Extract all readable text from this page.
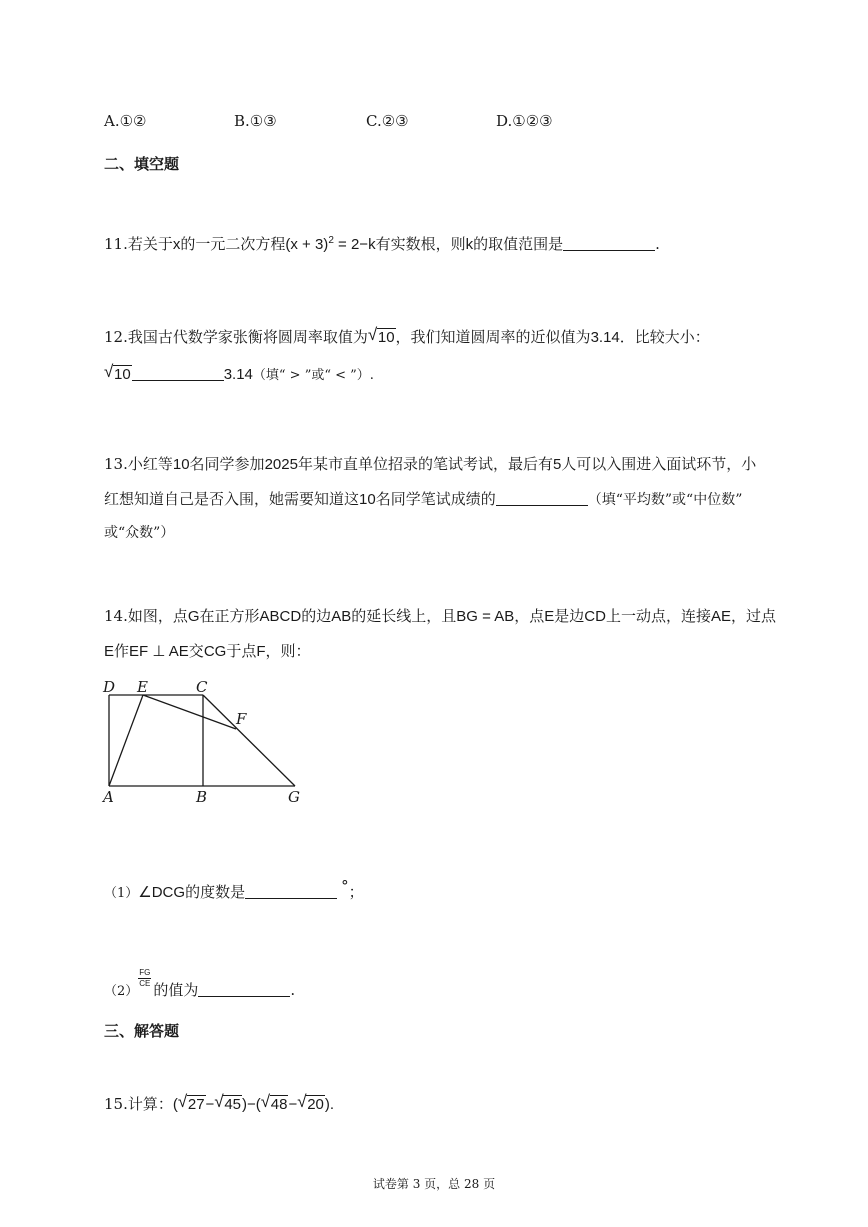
A.①②	B.①③	C.②③	D.①②③
二、填空题
11.若关于x的一元二次方程$(x + 3)^2 = 2-k$有实数根，则k的取值范围是	.
12.我国古代数学家张衡将圆周率取值为 √ 10，我们知道圆周率的近似值为3.14．比较大小：
√ 10	3.14（填“ > ”或“ < ”）.
13.小红等10名同学参加2025年某市直单位招录的笔试考试，最后有5人可以入围进入面试环节，小
红想知道自己是否入围，她需要知道这10名同学笔试成绩的	（填“平均数”或“中位数”
或“众数”）
14.如图，点G在正方形ABCD的边AB的延长线上，且BG = AB，点E是边CD上一动点，连接AE，过点
E作EF ⊥ AE交CG于点F，则：
D E	C
F
A	B	G
（1）∠DCG的度数是	°；
（2）
$\frac{FG}{CE}$
的值为	.
三、解答题
15.计算：( √ 27− √ 45)−( √ 48− √ 20).
试卷第 3 页，总 28 页
